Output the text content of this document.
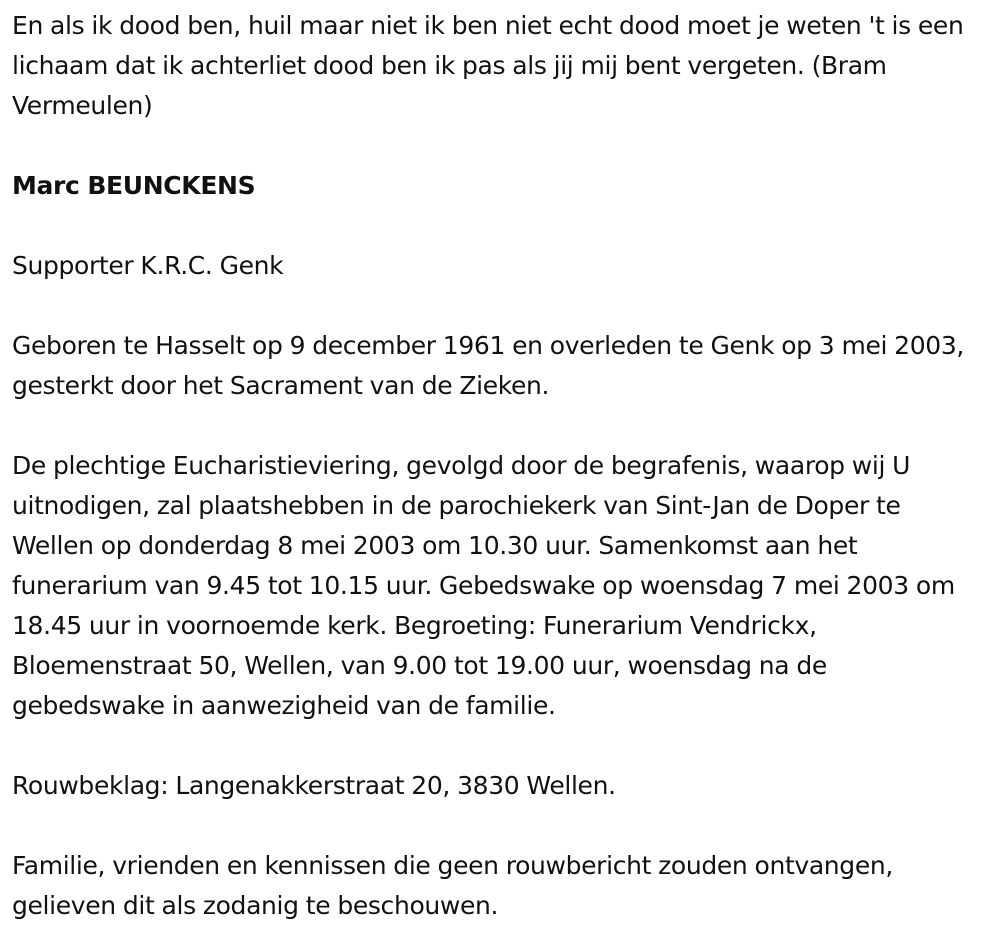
En als ik dood ben, huil maar niet ik ben niet echt dood moet je weten 't is een lichaam dat ik achterliet dood ben ik pas als jij mij bent vergeten. (Bram Vermeulen)

Marc BEUNCKENS

Supporter K.R.C. Genk

Geboren te Hasselt op 9 december 1961 en overleden te Genk op 3 mei 2003, gesterkt door het Sacrament van de Zieken.

De plechtige Eucharistieviering, gevolgd door de begrafenis, waarop wij U uitnodigen, zal plaatshebben in de parochiekerk van Sint-Jan de Doper te Wellen op donderdag 8 mei 2003 om 10.30 uur. Samenkomst aan het funerarium van 9.45 tot 10.15 uur. Gebedswake op woensdag 7 mei 2003 om 18.45 uur in voornoemde kerk. Begroeting: Funerarium Vendrickx, Bloemenstraat 50, Wellen, van 9.00 tot 19.00 uur, woensdag na de gebedswake in aanwezigheid van de familie.

Rouwbeklag: Langenakkerstraat 20, 3830 Wellen.

Familie, vrienden en kennissen die geen rouwbericht zouden ontvangen, gelieven dit als zodanig te beschouwen.
